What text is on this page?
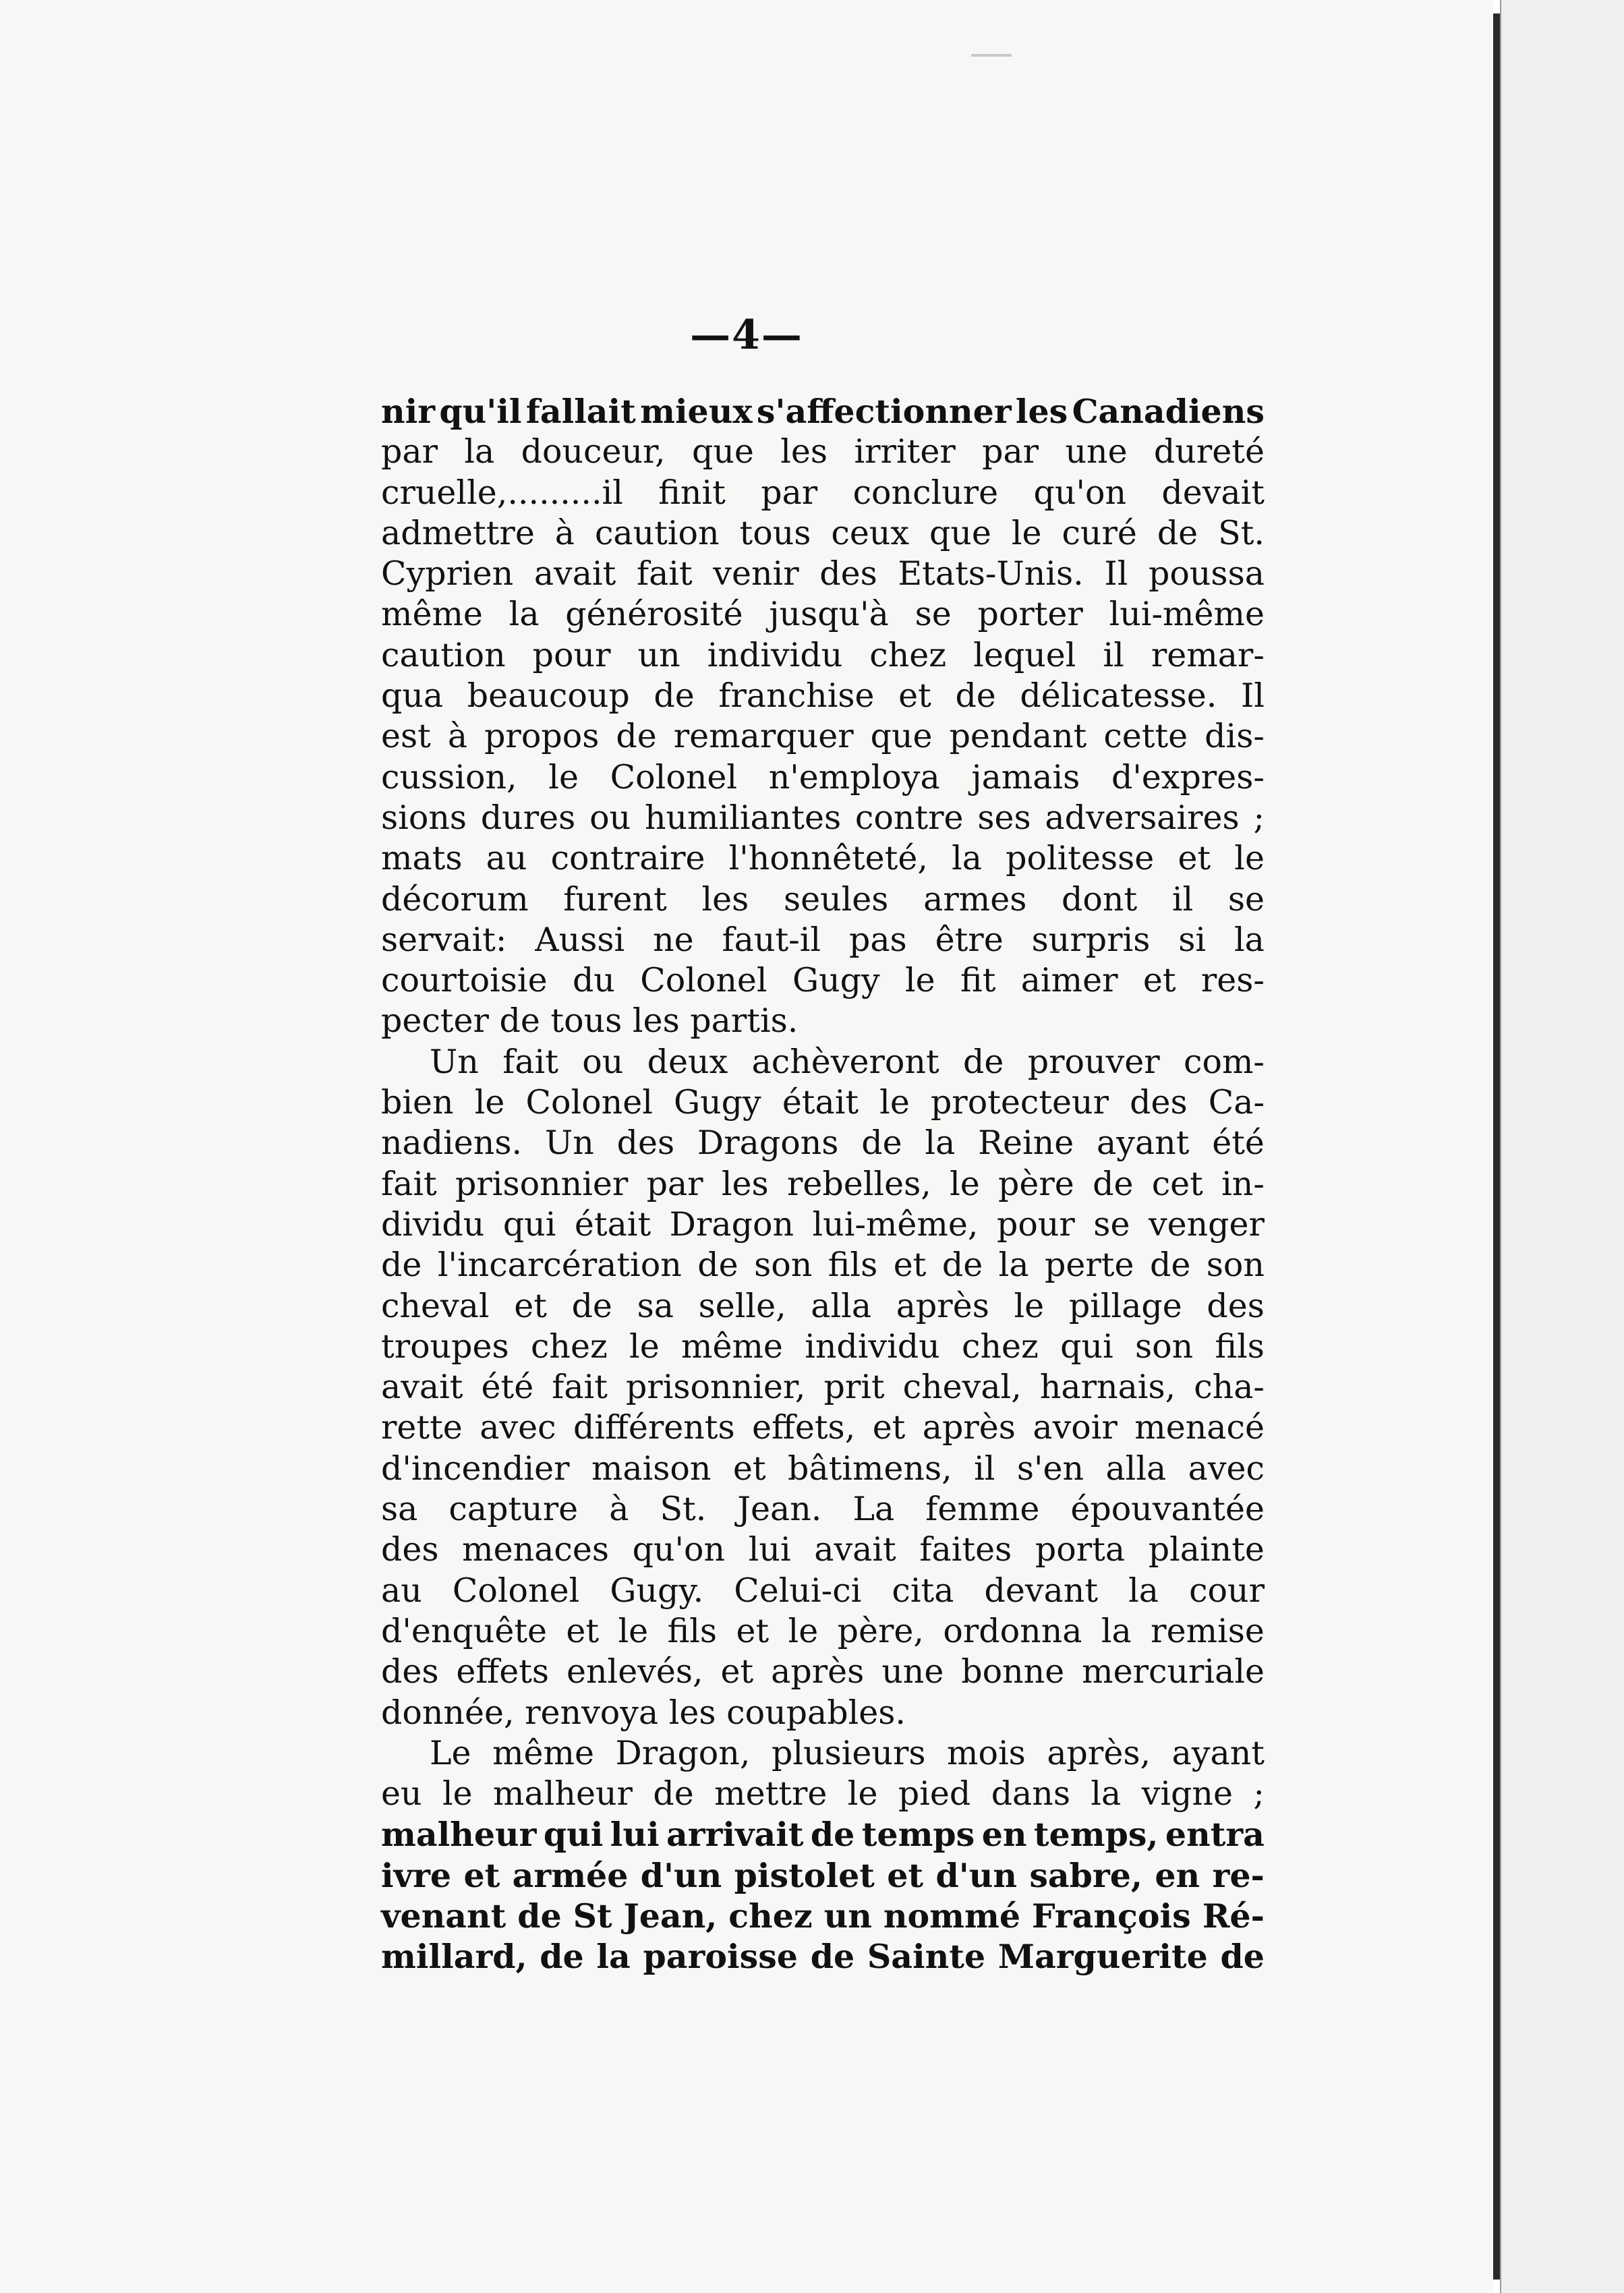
—4—
nir qu'il fallait mieux s'affectionner les Canadiens
par la douceur, que les irriter par une dureté
cruelle,.........il finit par conclure qu'on devait
admettre à caution tous ceux que le curé de St.
Cyprien avait fait venir des Etats-Unis. Il poussa
même la générosité jusqu'à se porter lui-même
caution pour un individu chez lequel il remar-
qua beaucoup de franchise et de délicatesse. Il
est à propos de remarquer que pendant cette dis-
cussion, le Colonel n'employa jamais d'expres-
sions dures ou humiliantes contre ses adversaires ;
mats au contraire l'honnêteté, la politesse et le
décorum furent les seules armes dont il se
servait: Aussi ne faut-il pas être surpris si la
courtoisie du Colonel Gugy le fit aimer et res-
pecter de tous les partis.
Un fait ou deux achèveront de prouver com-
bien le Colonel Gugy était le protecteur des Ca-
nadiens. Un des Dragons de la Reine ayant été
fait prisonnier par les rebelles, le père de cet in-
dividu qui était Dragon lui-même, pour se venger
de l'incarcération de son fils et de la perte de son
cheval et de sa selle, alla après le pillage des
troupes chez le même individu chez qui son fils
avait été fait prisonnier, prit cheval, harnais, cha-
rette avec différents effets, et après avoir menacé
d'incendier maison et bâtimens, il s'en alla avec
sa capture à St. Jean. La femme épouvantée
des menaces qu'on lui avait faites porta plainte
au Colonel Gugy. Celui-ci cita devant la cour
d'enquête et le fils et le père, ordonna la remise
des effets enlevés, et après une bonne mercuriale
donnée, renvoya les coupables.
Le même Dragon, plusieurs mois après, ayant
eu le malheur de mettre le pied dans la vigne ;
malheur qui lui arrivait de temps en temps, entra
ivre et armée d'un pistolet et d'un sabre, en re-
venant de St Jean, chez un nommé François Ré-
millard, de la paroisse de Sainte Marguerite de
